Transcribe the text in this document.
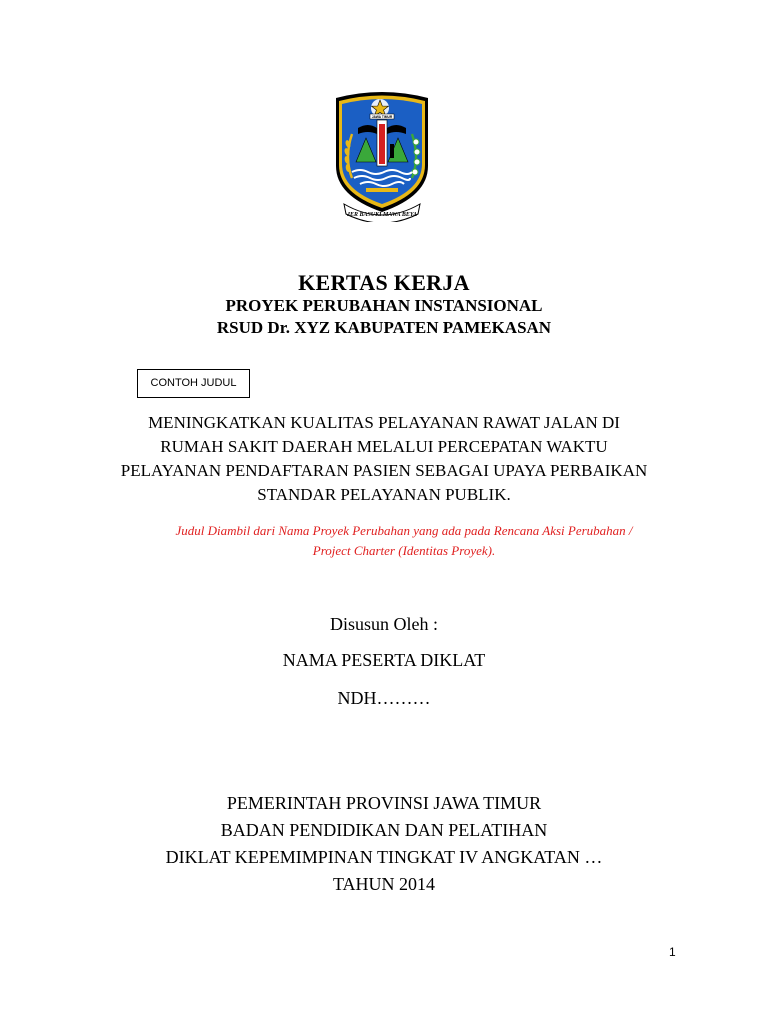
JAWA TIMUR
JER BASUKI MAWA BEYA
KERTAS KERJA
PROYEK PERUBAHAN INSTANSIONAL
RSUD Dr. XYZ KABUPATEN PAMEKASAN
CONTOH JUDUL
MENINGKATKAN KUALITAS PELAYANAN RAWAT JALAN DI
RUMAH SAKIT DAERAH MELALUI PERCEPATAN WAKTU
PELAYANAN PENDAFTARAN PASIEN SEBAGAI UPAYA PERBAIKAN
STANDAR PELAYANAN PUBLIK.
Judul Diambil dari Nama Proyek Perubahan yang ada pada Rencana Aksi Perubahan /
Project Charter (Identitas Proyek).
Disusun Oleh :
NAMA PESERTA DIKLAT
NDH………
PEMERINTAH PROVINSI JAWA TIMUR
BADAN PENDIDIKAN DAN PELATIHAN
DIKLAT KEPEMIMPINAN TINGKAT IV ANGKATAN …
TAHUN 2014
1
